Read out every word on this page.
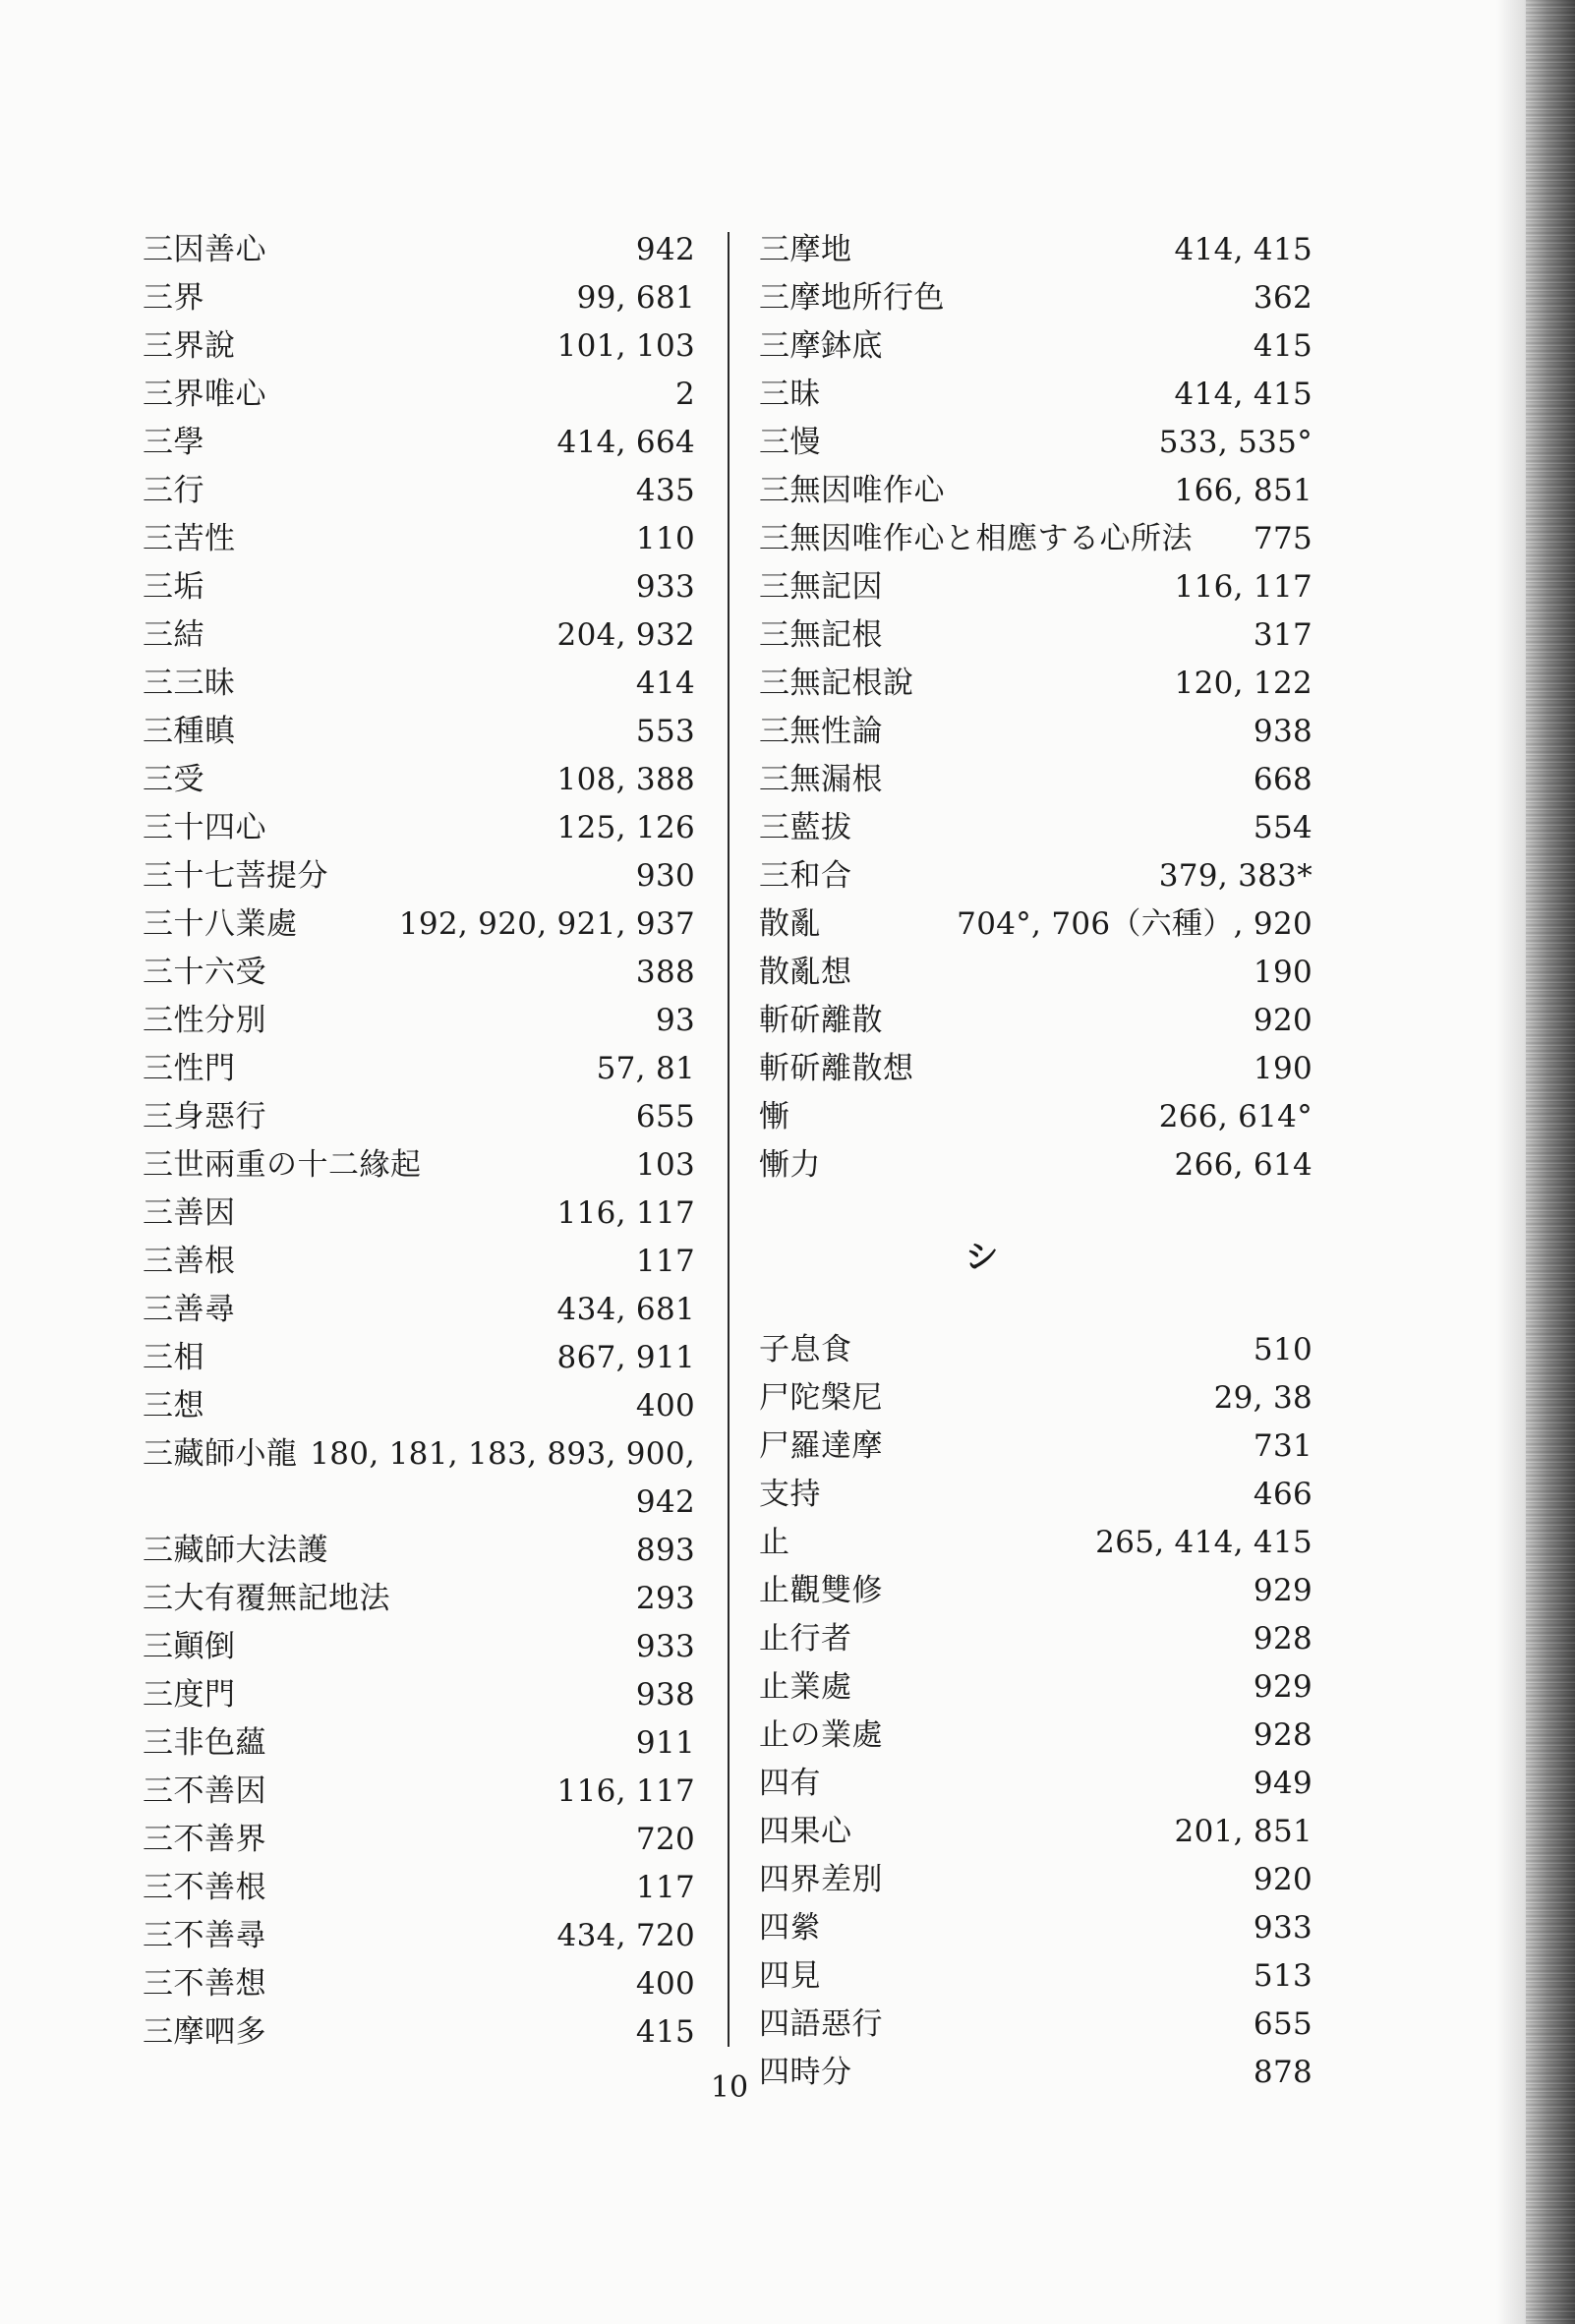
三因善心	942
三界	99, 681
三界說	101, 103
三界唯心	2
三學	414, 664
三行	435
三苦性	110
三垢	933
三結	204, 932
三三昧	414
三種瞋	553
三受	108, 388
三十四心	125, 126
三十七菩提分	930
三十八業處	192, 920, 921, 937
三十六受	388
三性分別	93
三性門	57, 81
三身惡行	655
三世兩重の十二緣起	103
三善因	116, 117
三善根	117
三善尋	434, 681
三相	867, 911
三想	400
三藏師小龍 180, 181, 183, 893, 900,
942
三藏師大法護	893
三大有覆無記地法	293
三顚倒	933
三度門	938
三非色蘊	911
三不善因	116, 117
三不善界	720
三不善根	117
三不善尋	434, 720
三不善想	400
三摩呬多	415
三摩地	414, 415
三摩地所行色	362
三摩鉢底	415
三昧	414, 415
三慢	533, 535°
三無因唯作心	166, 851
三無因唯作心と相應する心所法 775
三無記因	116, 117
三無記根	317
三無記根說	120, 122
三無性論	938
三無漏根	668
三藍拔	554
三和合	379, 383*
散亂	704°, 706（六種）, 920
散亂想	190
斬斫離散	920
斬斫離散想	190
慚	266, 614°
慚力	266, 614
シ
子息食	510
尸陀槃尼	29, 38
尸羅達摩	731
支持	466
止	265, 414, 415
止觀雙修	929
止行者	928
止業處	929
止の業處	928
四有	949
四果心	201, 851
四界差別	920
四縈	933
四見	513
四語惡行	655
四時分	878
10
